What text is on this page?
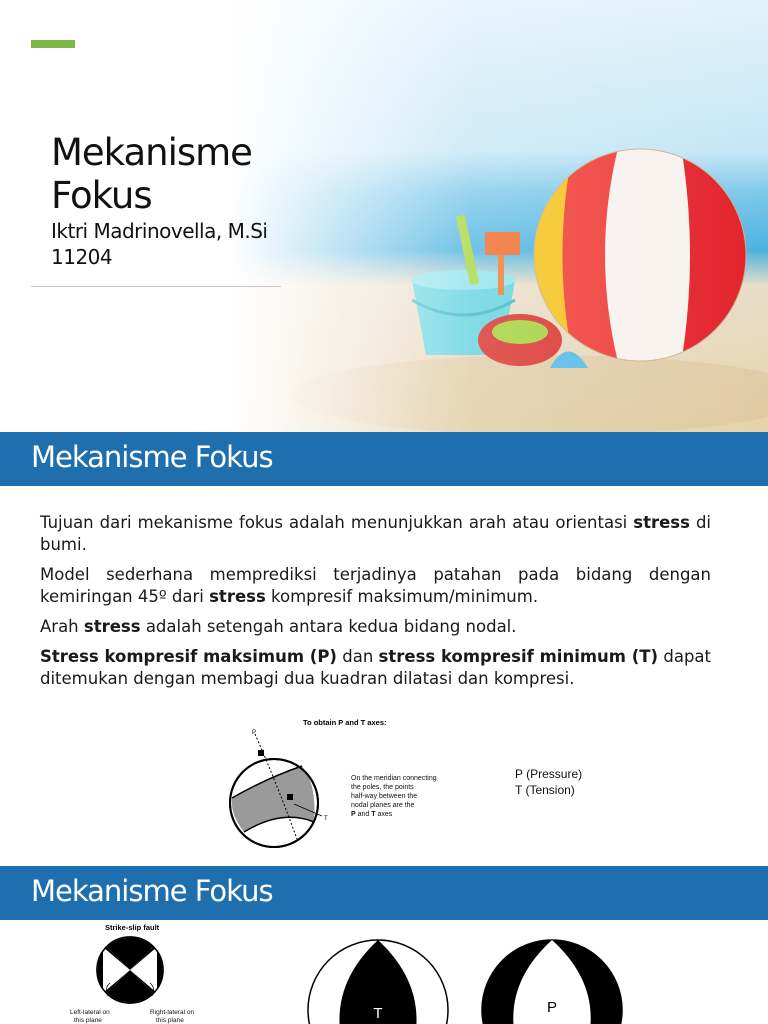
Mekanisme
Fokus
Iktri Madrinovella, M.Si
11204
Mekanisme Fokus

Tujuan dari mekanisme fokus adalah menunjukkan arah atau orientasi stress di bumi.

Model sederhana memprediksi terjadinya patahan pada bidang dengan kemiringan 45º dari stress kompresif maksimum/minimum.

Arah stress adalah setengah antara kedua bidang nodal.

Stress kompresif maksimum (P) dan stress kompresif minimum (T) dapat ditemukan dengan membagi dua kuadran dilatasi dan kompresi.

To obtain P and T axes:
P
T
On the meridian connecting
the poles, the points
half-way between the
nodal planes are the
P and T axes
P (Pressure)
T (Tension)
Mekanisme Fokus
Strike-slip fault
Left-lateral on
this plane
Right-lateral on
this plane	T	P
